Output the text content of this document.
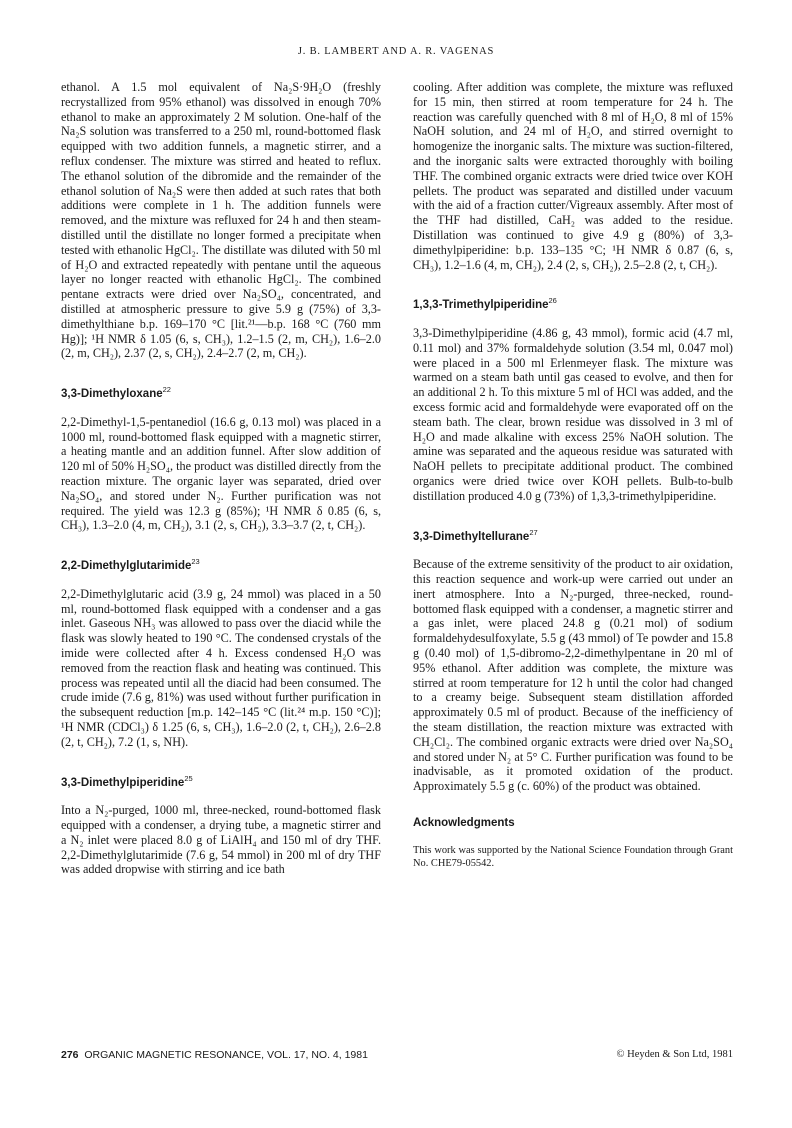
J. B. LAMBERT AND A. R. VAGENAS

ethanol. A 1.5 mol equivalent of Na₂S·9H₂O (freshly recrystallized from 95% ethanol) was dissolved in enough 70% ethanol to make an approximately 2 M solution. One-half of the Na₂S solution was transferred to a 250 ml, round-bottomed flask equipped with two addition funnels, a magnetic stirrer, and a reflux condenser. The mixture was stirred and heated to reflux. The ethanol solution of the dibromide and the remainder of the ethanol solution of Na₂S were then added at such rates that both additions were complete in 1 h. The addition funnels were removed, and the mixture was refluxed for 24 h and then steam-distilled until the distillate no longer formed a precipitate when tested with ethanolic HgCl₂. The distillate was diluted with 50 ml of H₂O and extracted repeatedly with pentane until the aqueous layer no longer reacted with ethanolic HgCl₂. The combined pentane extracts were dried over Na₂SO₄, concentrated, and distilled at atmospheric pressure to give 5.9 g (75%) of 3,3-dimethylthiane b.p. 169–170 °C [lit.²¹—b.p. 168 °C (760 mm Hg)]; ¹H NMR δ 1.05 (6, s, CH₃), 1.2–1.5 (2, m, CH₂), 1.6–2.0 (2, m, CH₂), 2.37 (2, s, CH₂), 2.4–2.7 (2, m, CH₂).

3,3-Dimethyloxane$^{22}$

2,2-Dimethyl-1,5-pentanediol (16.6 g, 0.13 mol) was placed in a 1000 ml, round-bottomed flask equipped with a magnetic stirrer, a heating mantle and an addition funnel. After slow addition of 120 ml of 50% H₂SO₄, the product was distilled directly from the reaction mixture. The organic layer was separated, dried over Na₂SO₄, and stored under N₂. Further purification was not required. The yield was 12.3 g (85%); ¹H NMR δ 0.85 (6, s, CH₃), 1.3–2.0 (4, m, CH₂), 3.1 (2, s, CH₂), 3.3–3.7 (2, t, CH₂).

2,2-Dimethylglutarimide$^{23}$

2,2-Dimethylglutaric acid (3.9 g, 24 mmol) was placed in a 50 ml, round-bottomed flask equipped with a condenser and a gas inlet. Gaseous NH₃ was allowed to pass over the diacid while the flask was slowly heated to 190 °C. The condensed crystals of the imide were collected after 4 h. Excess condensed H₂O was removed from the reaction flask and heating was continued. This process was repeated until all the diacid had been consumed. The crude imide (7.6 g, 81%) was used without further purification in the subsequent reduction [m.p. 142–145 °C (lit.²⁴ m.p. 150 °C)]; ¹H NMR (CDCl₃) δ 1.25 (6, s, CH₃), 1.6–2.0 (2, t, CH₂), 2.6–2.8 (2, t, CH₂), 7.2 (1, s, NH).

3,3-Dimethylpiperidine$^{25}$

Into a N₂-purged, 1000 ml, three-necked, round-bottomed flask equipped with a condenser, a drying tube, a magnetic stirrer and a N₂ inlet were placed 8.0 g of LiAlH₄ and 150 ml of dry THF. 2,2-Dimethylglutarimide (7.6 g, 54 mmol) in 200 ml of dry THF was added dropwise with stirring and ice bath

cooling. After addition was complete, the mixture was refluxed for 15 min, then stirred at room temperature for 24 h. The reaction was carefully quenched with 8 ml of H₂O, 8 ml of 15% NaOH solution, and 24 ml of H₂O, and stirred overnight to homogenize the inorganic salts. The mixture was suction-filtered, and the inorganic salts were extracted thoroughly with boiling THF. The combined organic extracts were dried twice over KOH pellets. The product was separated and distilled under vacuum with the aid of a fraction cutter/Vigreaux assembly. After most of the THF had distilled, CaH₂ was added to the residue. Distillation was continued to give 4.9 g (80%) of 3,3-dimethylpiperidine: b.p. 133–135 °C; ¹H NMR δ 0.87 (6, s, CH₃), 1.2–1.6 (4, m, CH₂), 2.4 (2, s, CH₂), 2.5–2.8 (2, t, CH₂).

1,3,3-Trimethylpiperidine$^{26}$

3,3-Dimethylpiperidine (4.86 g, 43 mmol), formic acid (4.7 ml, 0.11 mol) and 37% formaldehyde solution (3.54 ml, 0.047 mol) were placed in a 500 ml Erlenmeyer flask. The mixture was warmed on a steam bath until gas ceased to evolve, and then for an additional 2 h. To this mixture 5 ml of HCl was added, and the excess formic acid and formaldehyde were evaporated off on the steam bath. The clear, brown residue was dissolved in 3 ml of H₂O and made alkaline with excess 25% NaOH solution. The amine was separated and the aqueous residue was saturated with NaOH pellets to precipitate additional product. The combined organics were dried twice over KOH pellets. Bulb-to-bulb distillation produced 4.0 g (73%) of 1,3,3-trimethylpiperidine.

3,3-Dimethyltellurane$^{27}$

Because of the extreme sensitivity of the product to air oxidation, this reaction sequence and work-up were carried out under an inert atmosphere. Into a N₂-purged, three-necked, round-bottomed flask equipped with a condenser, a magnetic stirrer and a gas inlet, were placed 24.8 g (0.21 mol) of sodium formaldehydesulfoxylate, 5.5 g (43 mmol) of Te powder and 15.8 g (0.40 mol) of 1,5-dibromo-2,2-dimethylpentane in 20 ml of 95% ethanol. After addition was complete, the mixture was stirred at room temperature for 12 h until the color had changed to a creamy beige. Subsequent steam distillation afforded approximately 0.5 ml of product. Because of the inefficiency of the steam distillation, the reaction mixture was extracted with CH₂Cl₂. The combined organic extracts were dried over Na₂SO₄ and stored under N₂ at 5° C. Further purification was found to be inadvisable, as it promoted oxidation of the product. Approximately 5.5 g (c. 60%) of the product was obtained.

Acknowledgments

This work was supported by the National Science Foundation through Grant No. CHE79-05542.

276 ORGANIC MAGNETIC RESONANCE, VOL. 17, NO. 4, 1981	© Heyden & Son Ltd, 1981
